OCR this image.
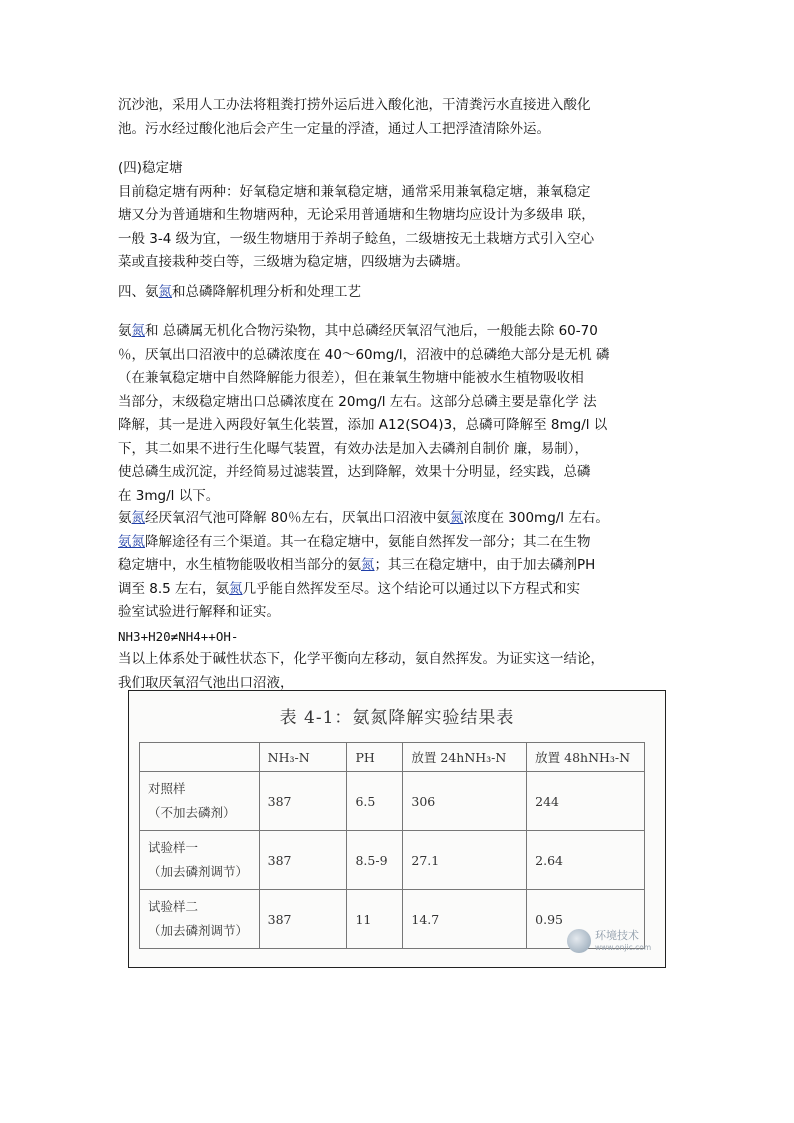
沉沙池，采用人工办法将粗粪打捞外运后进入酸化池，干清粪污水直接进入酸化
池。污水经过酸化池后会产生一定量的浮渣，通过人工把浮渣清除外运。

(四)稳定塘
目前稳定塘有两种：好氧稳定塘和兼氧稳定塘，通常采用兼氧稳定塘，兼氧稳定
塘又分为普通塘和生物塘两种，无论采用普通塘和生物塘均应设计为多级串 联，
一般 3-4 级为宜，一级生物塘用于养胡子鲶鱼，二级塘按无土栽塘方式引入空心
菜或直接栽种茭白等，三级塘为稳定塘，四级塘为去磷塘。

四、氨氮和总磷降解机理分析和处理工艺

氨氮和 总磷属无机化合物污染物，其中总磷经厌氧沼气池后，一般能去除 60-70
％，厌氧出口沼液中的总磷浓度在 40～60mg/l，沼液中的总磷绝大部分是无机 磷
（在兼氧稳定塘中自然降解能力很差），但在兼氧生物塘中能被水生植物吸收相
当部分，末级稳定塘出口总磷浓度在 20mg/l 左右。这部分总磷主要是靠化学 法
降解，其一是进入两段好氧生化装置，添加 A12(SO4)3，总磷可降解至 8mg/l 以
下，其二如果不进行生化曝气装置，有效办法是加入去磷剂自制价 廉，易制），
使总磷生成沉淀，并经简易过滤装置，达到降解，效果十分明显，经实践，总磷
在 3mg/l 以下。

氨氮经厌氧沼气池可降解 80％左右，厌氧出口沼液中氨氮浓度在 300mg/l 左右。
氨氮降解途径有三个渠道。其一在稳定塘中，氨能自然挥发一部分；其二在生物
稳定塘中，水生植物能吸收相当部分的氨氮；其三在稳定塘中，由于加去磷剂PH
调至 8.5 左右，氨氮几乎能自然挥发至尽。这个结论可以通过以下方程式和实
验室试验进行解释和证实。
NH3+H20≠NH4++OH-
当以上体系处于碱性状态下，化学平衡向左移动，氨自然挥发。为证实这一结论，
我们取厌氧沼气池出口沼液，

表 4-1：氨氮降解实验结果表
	NH₃-N	PH	放置 24hNH₃-N	放置 48hNH₃-N

对照样
（不加去磷剂）	387	6.5	306	244

试验样一
（加去磷剂调节）	387	8.5-9	27.1	2.64

试验样二
（加去磷剂调节）	387	11	14.7	0.95
环境技术
www.onjic.com
